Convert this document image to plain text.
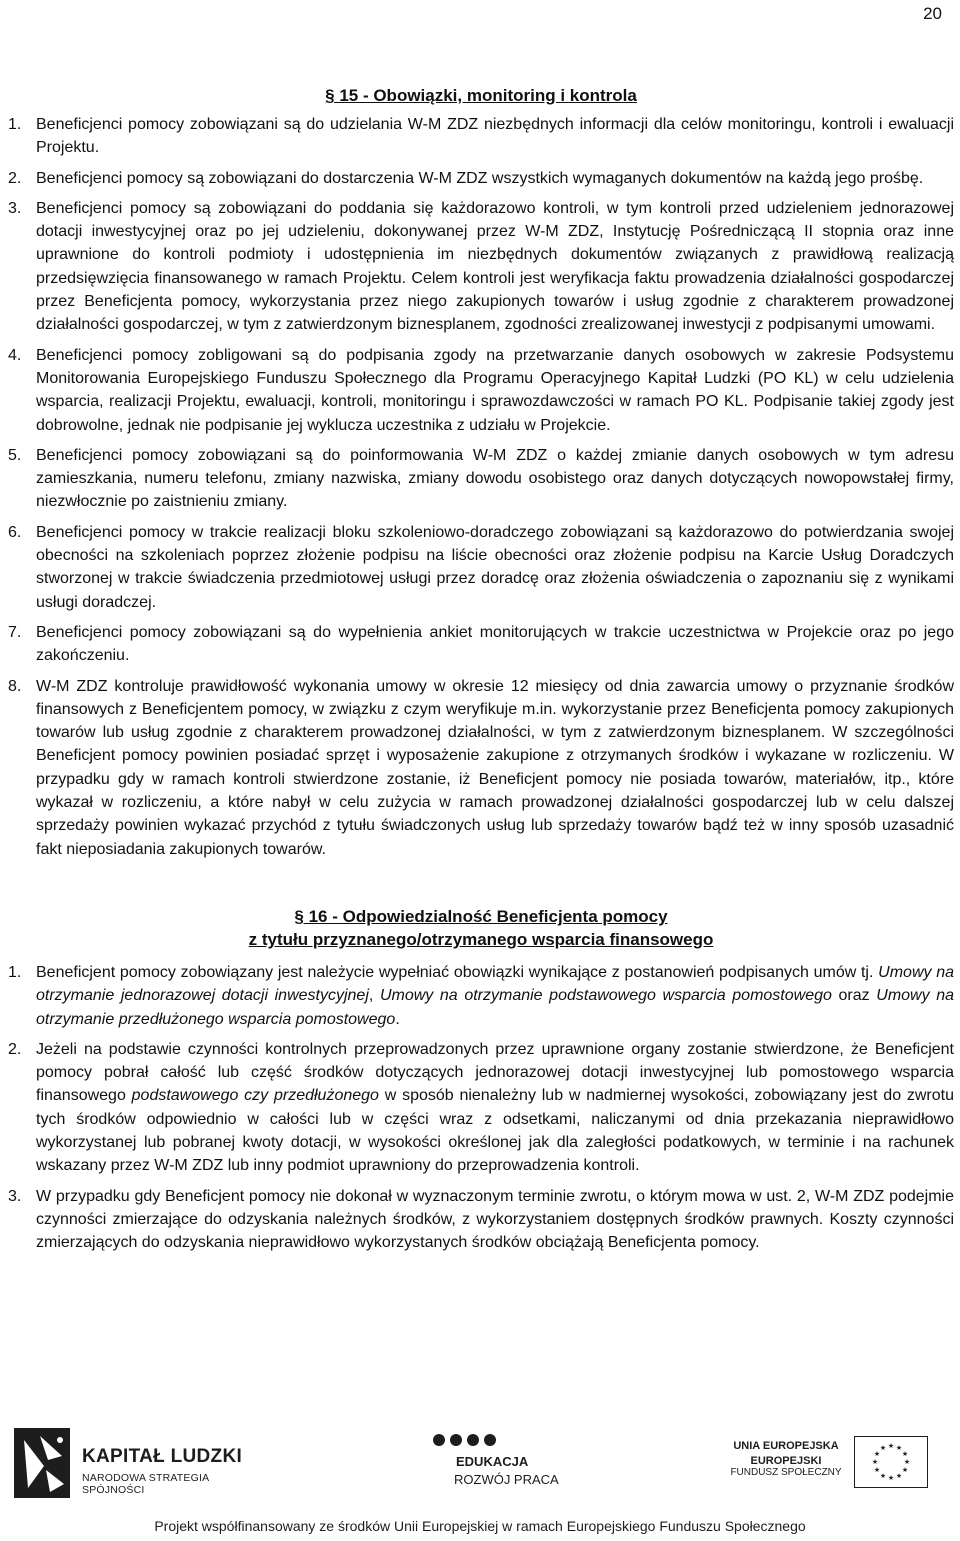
20
§ 15 - Obowiązki, monitoring i kontrola
1. Beneficjenci pomocy zobowiązani są do udzielania W-M ZDZ niezbędnych informacji dla celów monitoringu, kontroli i ewaluacji Projektu.
2. Beneficjenci pomocy są zobowiązani do dostarczenia W-M ZDZ wszystkich wymaganych dokumentów na każdą jego prośbę.
3. Beneficjenci pomocy są zobowiązani do poddania się każdorazowo kontroli, w tym kontroli przed udzieleniem jednorazowej dotacji inwestycyjnej oraz po jej udzieleniu, dokonywanej przez W-M ZDZ, Instytucję Pośredniczącą II stopnia oraz inne uprawnione do kontroli podmioty i udostępnienia im niezbędnych dokumentów związanych z prawidłową realizacją przedsięwzięcia finansowanego w ramach Projektu. Celem kontroli jest weryfikacja faktu prowadzenia działalności gospodarczej przez Beneficjenta pomocy, wykorzystania przez niego zakupionych towarów i usług zgodnie z charakterem prowadzonej działalności gospodarczej, w tym z zatwierdzonym biznesplanem, zgodności zrealizowanej inwestycji z podpisanymi umowami.
4. Beneficjenci pomocy zobligowani są do podpisania zgody na przetwarzanie danych osobowych w zakresie Podsystemu Monitorowania Europejskiego Funduszu Społecznego dla Programu Operacyjnego Kapitał Ludzki (PO KL) w celu udzielenia wsparcia, realizacji Projektu, ewaluacji, kontroli, monitoringu i sprawozdawczości w ramach PO KL. Podpisanie takiej zgody jest dobrowolne, jednak nie podpisanie jej wyklucza uczestnika z udziału w Projekcie.
5. Beneficjenci pomocy zobowiązani są do poinformowania W-M ZDZ o każdej zmianie danych osobowych w tym adresu zamieszkania, numeru telefonu, zmiany nazwiska, zmiany dowodu osobistego oraz danych dotyczących nowopowstałej firmy, niezwłocznie po zaistnieniu zmiany.
6. Beneficjenci pomocy w trakcie realizacji bloku szkoleniowo-doradczego zobowiązani są każdorazowo do potwierdzania swojej obecności na szkoleniach poprzez złożenie podpisu na liście obecności oraz złożenie podpisu na Karcie Usług Doradczych stworzonej w trakcie świadczenia przedmiotowej usługi przez doradcę oraz złożenia oświadczenia o zapoznaniu się z wynikami usługi doradczej.
7. Beneficjenci pomocy zobowiązani są do wypełnienia ankiet monitorujących w trakcie uczestnictwa w Projekcie oraz po jego zakończeniu.
8. W-M ZDZ kontroluje prawidłowość wykonania umowy w okresie 12 miesięcy od dnia zawarcia umowy o przyznanie środków finansowych z Beneficjentem pomocy, w związku z czym weryfikuje m.in. wykorzystanie przez Beneficjenta pomocy zakupionych towarów lub usług zgodnie z charakterem prowadzonej działalności, w tym z zatwierdzonym biznesplanem. W szczególności Beneficjent pomocy powinien posiadać sprzęt i wyposażenie zakupione z otrzymanych środków i wykazane w rozliczeniu. W przypadku gdy w ramach kontroli stwierdzone zostanie, iż Beneficjent pomocy nie posiada towarów, materiałów, itp., które wykazał w rozliczeniu, a które nabył w celu zużycia w ramach prowadzonej działalności gospodarczej lub w celu dalszej sprzedaży powinien wykazać przychód z tytułu świadczonych usług lub sprzedaży towarów bądź też w inny sposób uzasadnić fakt nieposiadania zakupionych towarów.
§ 16 - Odpowiedzialność Beneficjenta pomocy
z tytułu przyznanego/otrzymanego wsparcia finansowego
1. Beneficjent pomocy zobowiązany jest należycie wypełniać obowiązki wynikające z postanowień podpisanych umów tj. Umowy na otrzymanie jednorazowej dotacji inwestycyjnej, Umowy na otrzymanie podstawowego wsparcia pomostowego oraz Umowy na otrzymanie przedłużonego wsparcia pomostowego.
2. Jeżeli na podstawie czynności kontrolnych przeprowadzonych przez uprawnione organy zostanie stwierdzone, że Beneficjent pomocy pobrał całość lub część środków dotyczących jednorazowej dotacji inwestycyjnej lub pomostowego wsparcia finansowego podstawowego czy przedłużonego w sposób nienależny lub w nadmiernej wysokości, zobowiązany jest do zwrotu tych środków odpowiednio w całości lub w części wraz z odsetkami, naliczanymi od dnia przekazania nieprawidłowo wykorzystanej lub pobranej kwoty dotacji, w wysokości określonej jak dla zaległości podatkowych, w terminie i na rachunek wskazany przez W-M ZDZ lub inny podmiot uprawniony do przeprowadzenia kontroli.
3. W przypadku gdy Beneficjent pomocy nie dokonał w wyznaczonym terminie zwrotu, o którym mowa w ust. 2, W-M ZDZ podejmie czynności zmierzające do odzyskania należnych środków, z wykorzystaniem dostępnych środków prawnych. Koszty czynności zmierzających do odzyskania nieprawidłowo wykorzystanych środków obciążają Beneficjenta pomocy.
KAPITAŁ LUDZKI
NARODOWA STRATEGIA SPÓJNOŚCI
EDUKACJA
ROZWÓJ PRACA
UNIA EUROPEJSKA
EUROPEJSKI
FUNDUSZ SPOŁECZNY
★ ★
★
★
★
★
★
★
★
★
★
★
Projekt współfinansowany ze środków Unii Europejskiej w ramach Europejskiego Funduszu Społecznego
